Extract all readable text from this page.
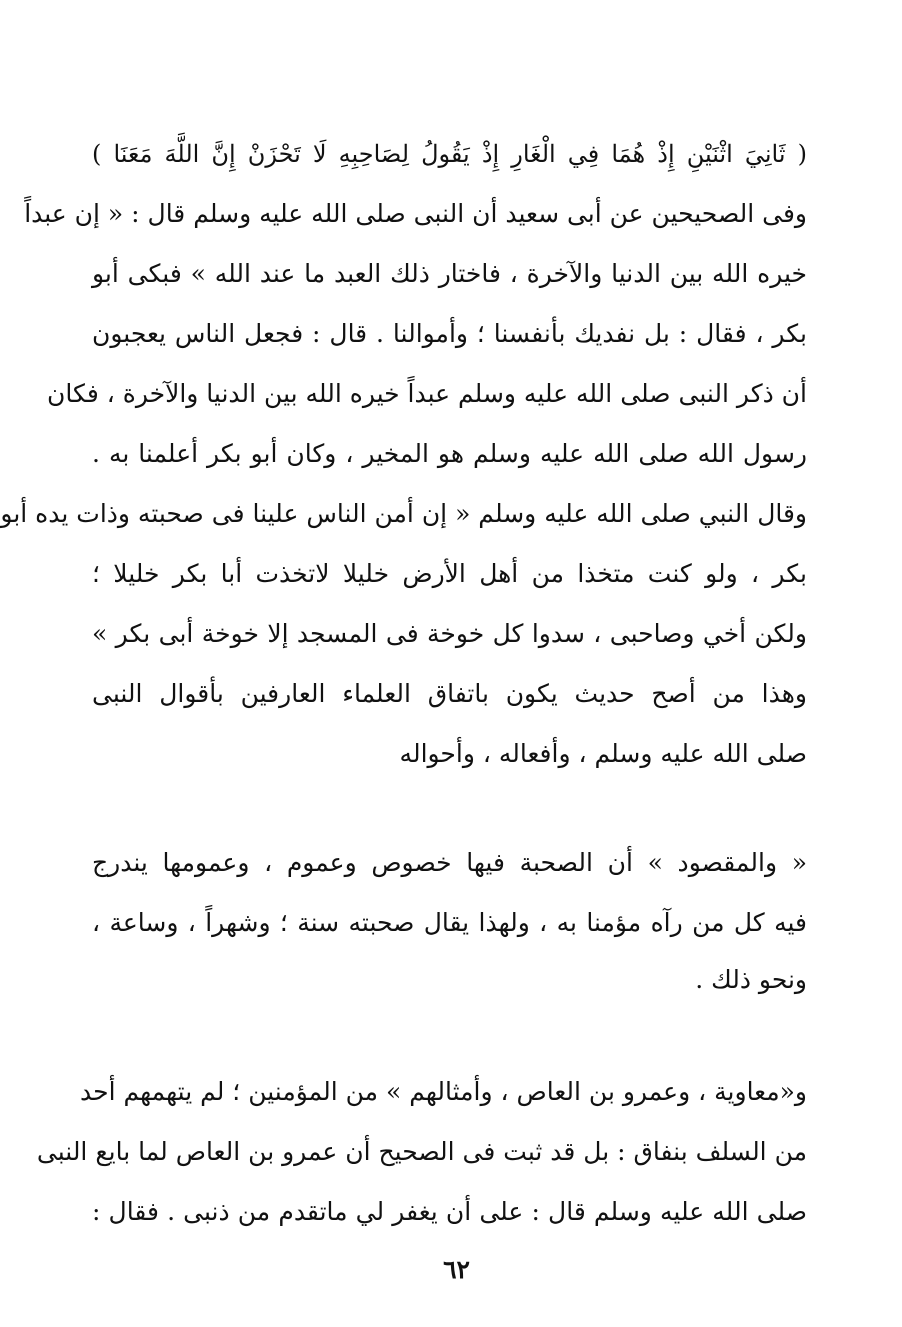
( ثَانِيَ اثْنَيْنِ إِذْ هُمَا فِي الْغَارِ إِذْ يَقُولُ لِصَاحِبِهِ لَا تَحْزَنْ إِنَّ اللَّهَ مَعَنَا )
وفى الصحيحين عن أبى سعيد أن النبى صلى الله عليه وسلم قال : « إن عبداً
خيره الله بين الدنيا والآخرة ، فاختار ذلك العبد ما عند الله » فبكى أبو
بكر ، فقال : بل نفديك بأنفسنا ؛ وأموالنا . قال : فجعل الناس يعجبون
أن ذكر النبى صلى الله عليه وسلم عبداً خيره الله بين الدنيا والآخرة ، فكان
رسول الله صلى الله عليه وسلم هو المخير ، وكان أبو بكر أعلمنا به .
وقال النبي صلى الله عليه وسلم « إن أمن الناس علينا فى صحبته وذات يده أبو
بكر ، ولو كنت متخذا من أهل الأرض خليلا لاتخذت أبا بكر خليلا ؛
ولكن أخي وصاحبى ، سدوا كل خوخة فى المسجد إلا خوخة أبى بكر »
وهذا من أصح حديث يكون باتفاق العلماء العارفين بأقوال النبى
صلى الله عليه وسلم ، وأفعاله ، وأحواله
« والمقصود » أن الصحبة فيها خصوص وعموم ، وعمومها يندرج
فيه كل من رآه مؤمنا به ، ولهذا يقال صحبته سنة ؛ وشهراً ، وساعة ،
ونحو ذلك .
و«معاوية ، وعمرو بن العاص ، وأمثالهم » من المؤمنين ؛ لم يتهمهم أحد
من السلف بنفاق : بل قد ثبت فى الصحيح أن عمرو بن العاص لما بايع النبى
صلى الله عليه وسلم قال : على أن يغفر لي ماتقدم من ذنبى . فقال :
٦٢
